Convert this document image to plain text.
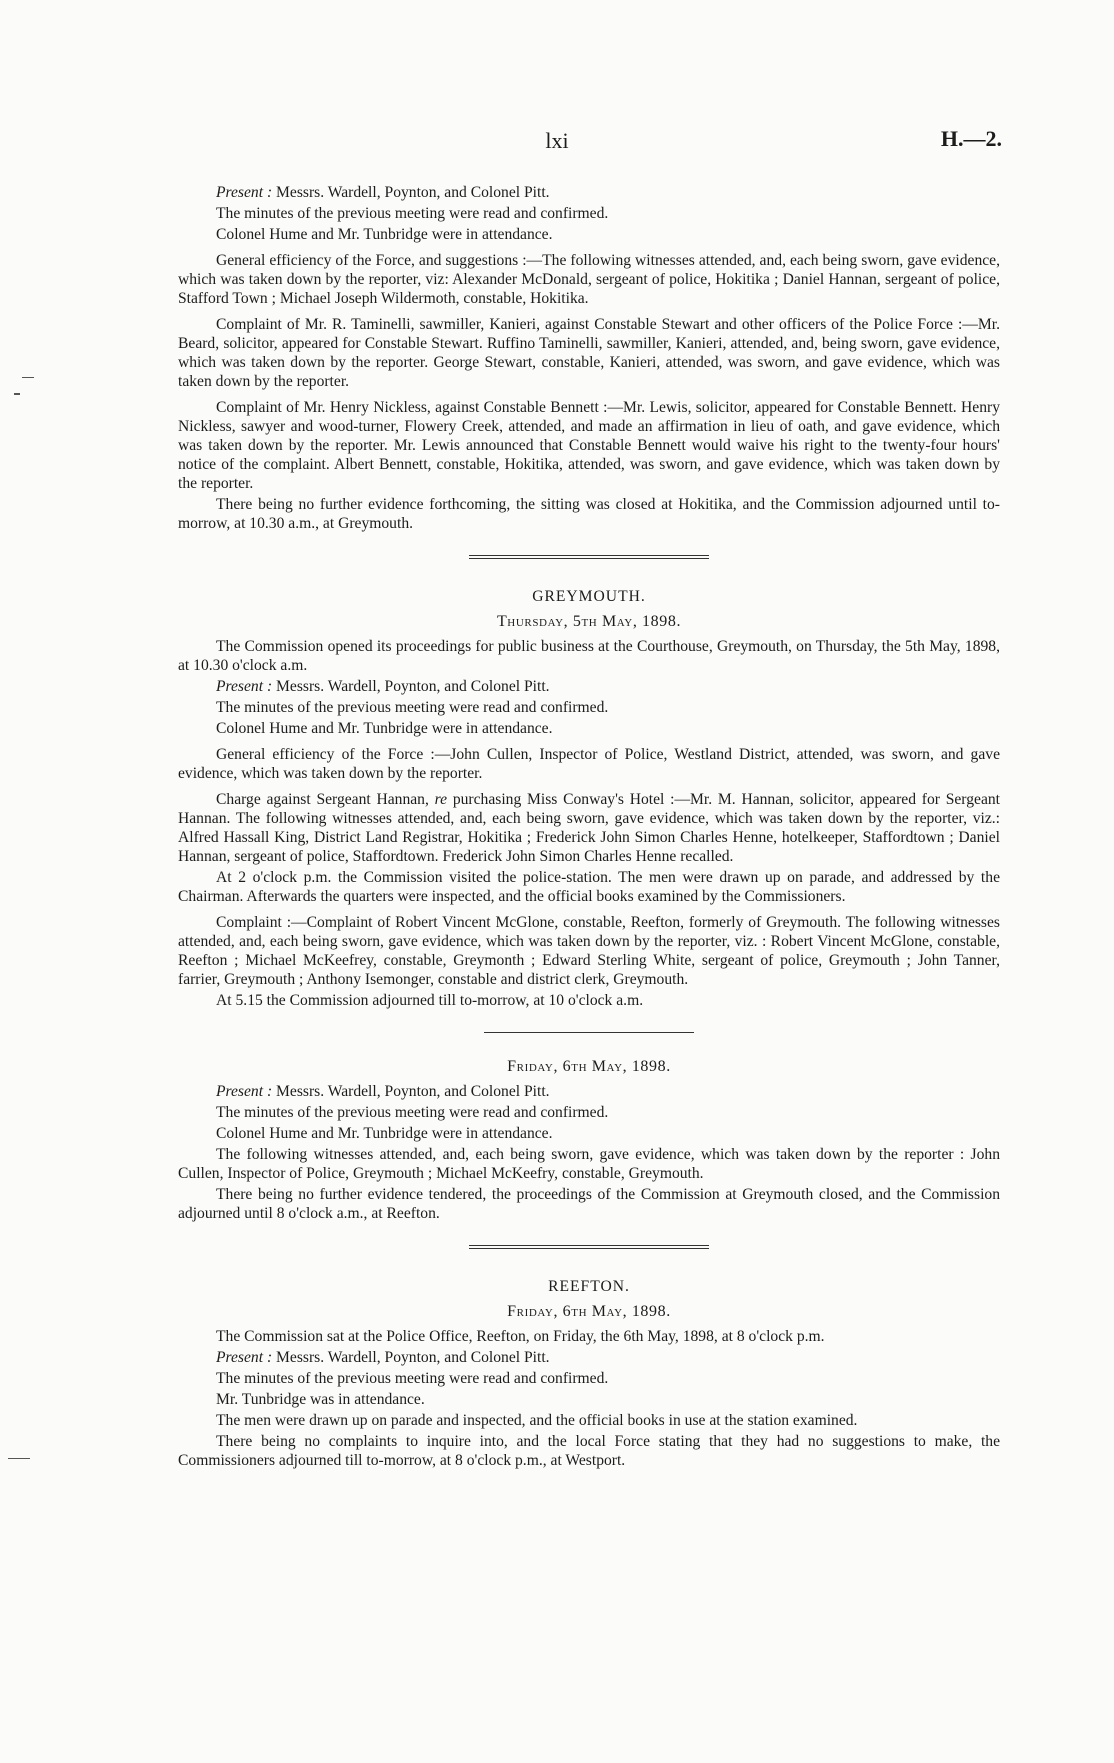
lxi	H.—2.

Present : Messrs. Wardell, Poynton, and Colonel Pitt.

The minutes of the previous meeting were read and confirmed.

Colonel Hume and Mr. Tunbridge were in attendance.

General efficiency of the Force, and suggestions :—The following witnesses attended, and, each being sworn, gave evidence, which was taken down by the reporter, viz: Alexander McDonald, sergeant of police, Hokitika ; Daniel Hannan, sergeant of police, Stafford Town ; Michael Joseph Wildermoth, constable, Hokitika.

Complaint of Mr. R. Taminelli, sawmiller, Kanieri, against Constable Stewart and other officers of the Police Force :—Mr. Beard, solicitor, appeared for Constable Stewart. Ruffino Taminelli, sawmiller, Kanieri, attended, and, being sworn, gave evidence, which was taken down by the reporter. George Stewart, constable, Kanieri, attended, was sworn, and gave evidence, which was taken down by the reporter.

Complaint of Mr. Henry Nickless, against Constable Bennett :—Mr. Lewis, solicitor, appeared for Constable Bennett. Henry Nickless, sawyer and wood-turner, Flowery Creek, attended, and made an affirmation in lieu of oath, and gave evidence, which was taken down by the reporter. Mr. Lewis announced that Constable Bennett would waive his right to the twenty-four hours' notice of the complaint. Albert Bennett, constable, Hokitika, attended, was sworn, and gave evidence, which was taken down by the reporter.

There being no further evidence forthcoming, the sitting was closed at Hokitika, and the Commission adjourned until to-morrow, at 10.30 a.m., at Greymouth.

GREYMOUTH.

Thursday, 5th May, 1898.

The Commission opened its proceedings for public business at the Courthouse, Greymouth, on Thursday, the 5th May, 1898, at 10.30 o'clock a.m.

Present : Messrs. Wardell, Poynton, and Colonel Pitt.

The minutes of the previous meeting were read and confirmed.

Colonel Hume and Mr. Tunbridge were in attendance.

General efficiency of the Force :—John Cullen, Inspector of Police, Westland District, attended, was sworn, and gave evidence, which was taken down by the reporter.

Charge against Sergeant Hannan, re purchasing Miss Conway's Hotel :—Mr. M. Hannan, solicitor, appeared for Sergeant Hannan. The following witnesses attended, and, each being sworn, gave evidence, which was taken down by the reporter, viz.: Alfred Hassall King, District Land Registrar, Hokitika ; Frederick John Simon Charles Henne, hotelkeeper, Staffordtown ; Daniel Hannan, sergeant of police, Staffordtown. Frederick John Simon Charles Henne recalled.

At 2 o'clock p.m. the Commission visited the police-station. The men were drawn up on parade, and addressed by the Chairman. Afterwards the quarters were inspected, and the official books examined by the Commissioners.

Complaint :—Complaint of Robert Vincent McGlone, constable, Reefton, formerly of Greymouth. The following witnesses attended, and, each being sworn, gave evidence, which was taken down by the reporter, viz. : Robert Vincent McGlone, constable, Reefton ; Michael McKeefrey, constable, Greymonth ; Edward Sterling White, sergeant of police, Greymouth ; John Tanner, farrier, Greymouth ; Anthony Isemonger, constable and district clerk, Greymouth.

At 5.15 the Commission adjourned till to-morrow, at 10 o'clock a.m.

Friday, 6th May, 1898.

Present : Messrs. Wardell, Poynton, and Colonel Pitt.

The minutes of the previous meeting were read and confirmed.

Colonel Hume and Mr. Tunbridge were in attendance.

The following witnesses attended, and, each being sworn, gave evidence, which was taken down by the reporter : John Cullen, Inspector of Police, Greymouth ; Michael McKeefry, constable, Greymouth.

There being no further evidence tendered, the proceedings of the Commission at Greymouth closed, and the Commission adjourned until 8 o'clock a.m., at Reefton.

REEFTON.

Friday, 6th May, 1898.

The Commission sat at the Police Office, Reefton, on Friday, the 6th May, 1898, at 8 o'clock p.m.

Present : Messrs. Wardell, Poynton, and Colonel Pitt.

The minutes of the previous meeting were read and confirmed.

Mr. Tunbridge was in attendance.

The men were drawn up on parade and inspected, and the official books in use at the station examined.

There being no complaints to inquire into, and the local Force stating that they had no suggestions to make, the Commissioners adjourned till to-morrow, at 8 o'clock p.m., at Westport.
